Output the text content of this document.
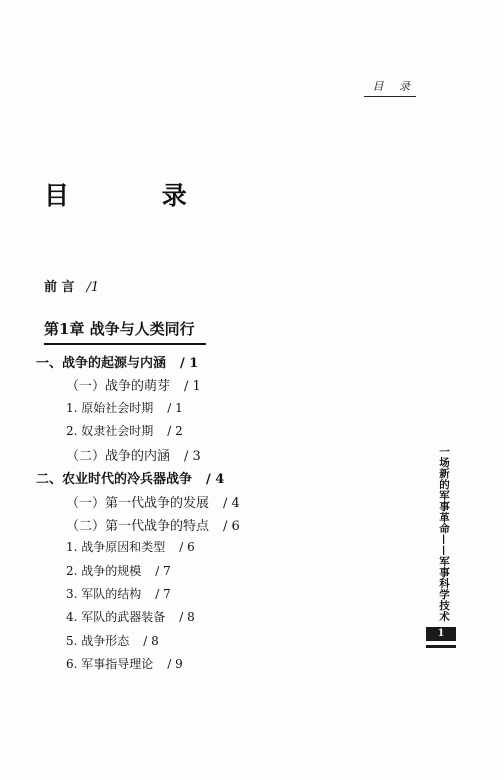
目 录
目 录
前 言 /1
第1章 战争与人类同行
一、战争的起源与内涵 / 1
（一）战争的萌芽 / 1
1. 原始社会时期 / 1
2. 奴隶社会时期 / 2
（二）战争的内涵 / 3
二、农业时代的冷兵器战争 / 4
（一）第一代战争的发展 / 4
（二）第一代战争的特点 / 6
1. 战争原因和类型 / 6
2. 战争的规模 / 7
3. 军队的结构 / 7
4. 军队的武器装备 / 8
5. 战争形态 / 8
6. 军事指导理论 / 9
一场新的军事革命——军事科学技术
1
